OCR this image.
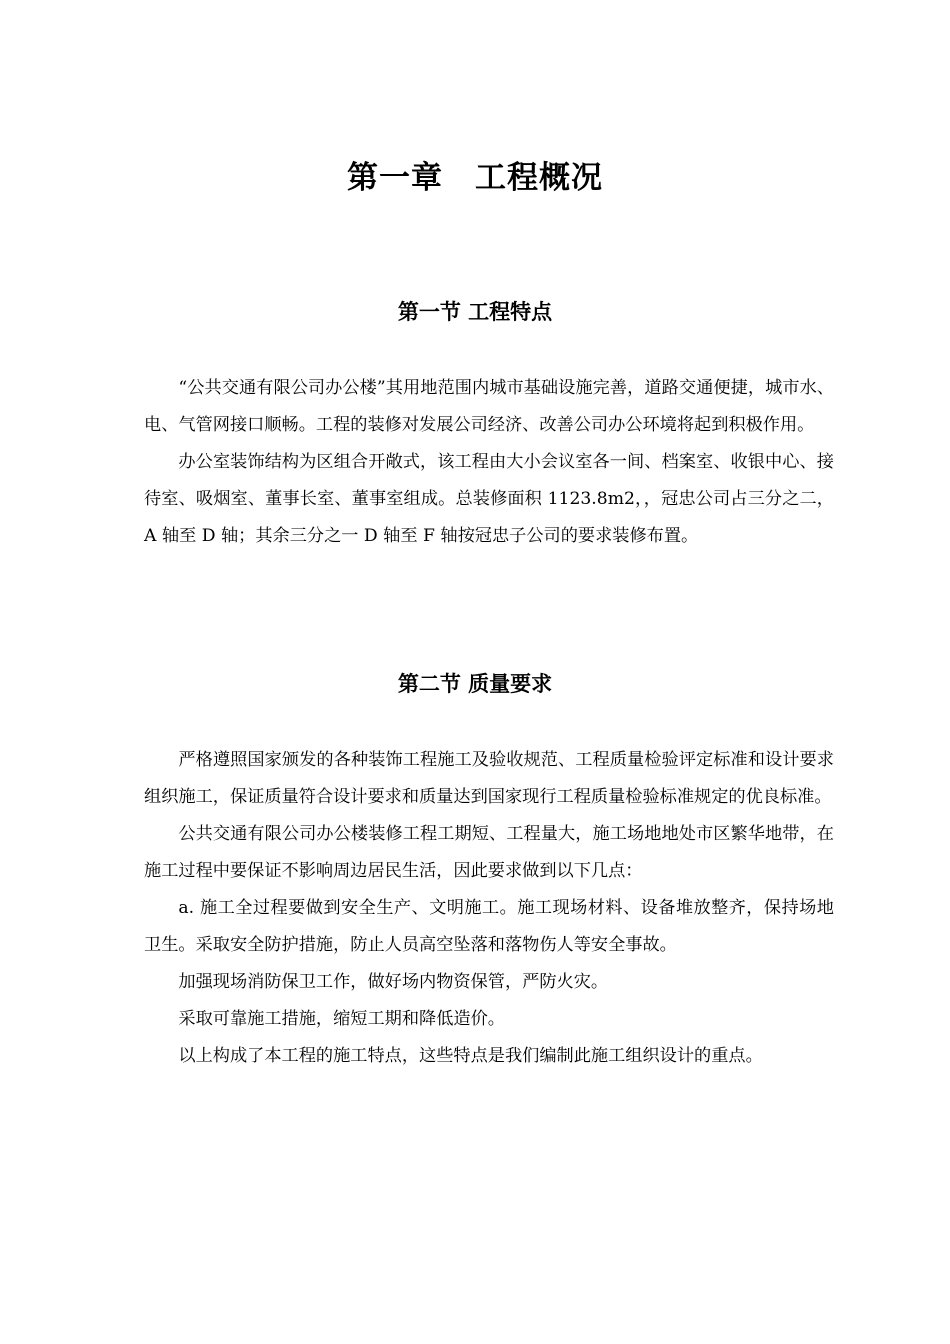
第一章　工程概况
第一节 工程特点

“公共交通有限公司办公楼”其用地范围内城市基础设施完善，道路交通便捷，城市水、电、气管网接口顺畅。工程的装修对发展公司经济、改善公司办公环境将起到积极作用。

办公室装饰结构为区组合开敞式，该工程由大小会议室各一间、档案室、收银中心、接待室、吸烟室、董事长室、董事室组成。总装修面积 1123.8m2，，冠忠公司占三分之二，A 轴至 D 轴；其余三分之一 D 轴至 F 轴按冠忠子公司的要求装修布置。

第二节 质量要求

严格遵照国家颁发的各种装饰工程施工及验收规范、工程质量检验评定标准和设计要求组织施工，保证质量符合设计要求和质量达到国家现行工程质量检验标准规定的优良标准。

公共交通有限公司办公楼装修工程工期短、工程量大，施工场地地处市区繁华地带，在施工过程中要保证不影响周边居民生活，因此要求做到以下几点：

a. 施工全过程要做到安全生产、文明施工。施工现场材料、设备堆放整齐，保持场地卫生。采取安全防护措施，防止人员高空坠落和落物伤人等安全事故。

加强现场消防保卫工作，做好场内物资保管，严防火灾。

采取可靠施工措施，缩短工期和降低造价。

以上构成了本工程的施工特点，这些特点是我们编制此施工组织设计的重点。
